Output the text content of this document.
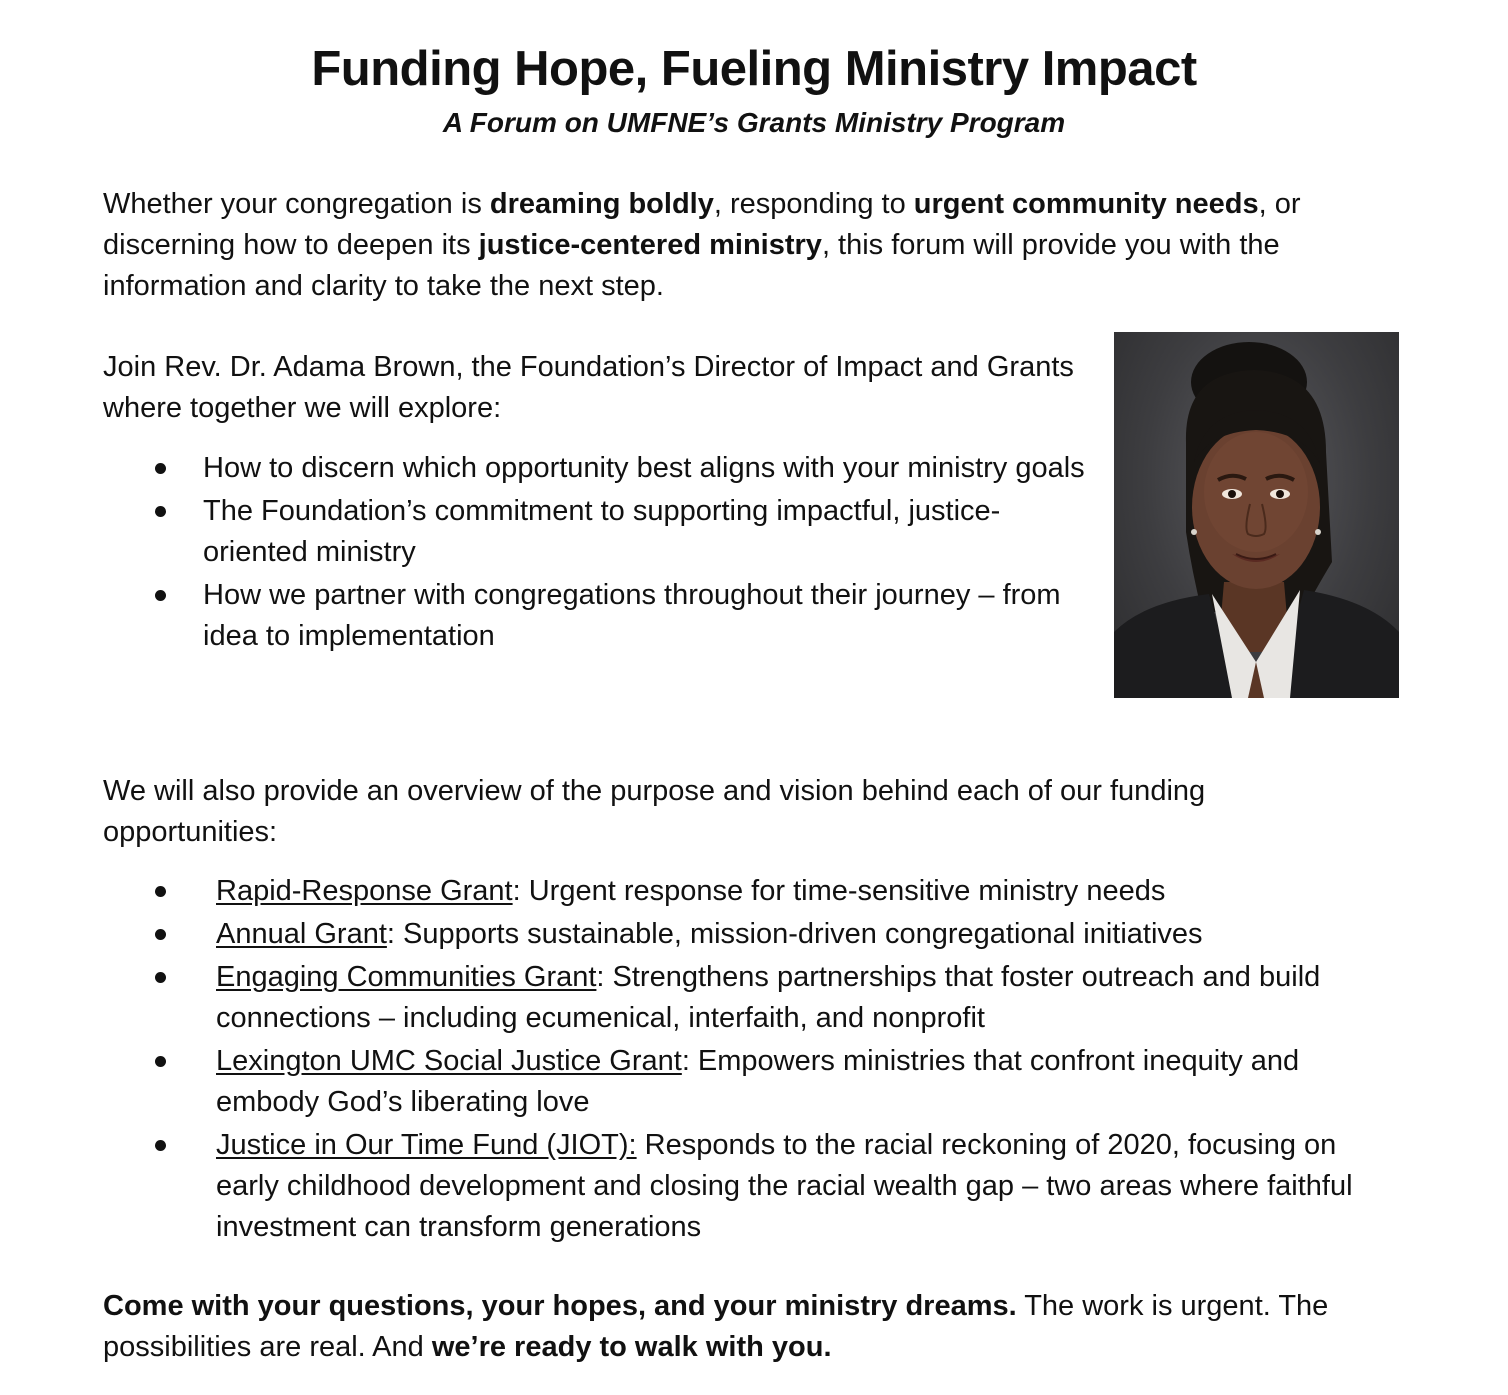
Funding Hope, Fueling Ministry Impact
A Forum on UMFNE’s Grants Ministry Program

Whether your congregation is dreaming boldly, responding to urgent community needs, or discerning how to deepen its justice-centered ministry, this forum will provide you with the information and clarity to take the next step.

Join Rev. Dr. Adama Brown, the Foundation’s Director of Impact and Grants where together we will explore:

How to discern which opportunity best aligns with your ministry goals
The Foundation’s commitment to supporting impactful, justice-oriented ministry
How we partner with congregations throughout their journey – from idea to implementation

We will also provide an overview of the purpose and vision behind each of our funding opportunities:

Rapid-Response Grant: Urgent response for time-sensitive ministry needs
Annual Grant: Supports sustainable, mission-driven congregational initiatives
Engaging Communities Grant: Strengthens partnerships that foster outreach and build connections – including ecumenical, interfaith, and nonprofit
Lexington UMC Social Justice Grant: Empowers ministries that confront inequity and embody God’s liberating love
Justice in Our Time Fund (JIOT): Responds to the racial reckoning of 2020, focusing on early childhood development and closing the racial wealth gap – two areas where faithful investment can transform generations

Come with your questions, your hopes, and your ministry dreams. The work is urgent. The possibilities are real. And we’re ready to walk with you.
